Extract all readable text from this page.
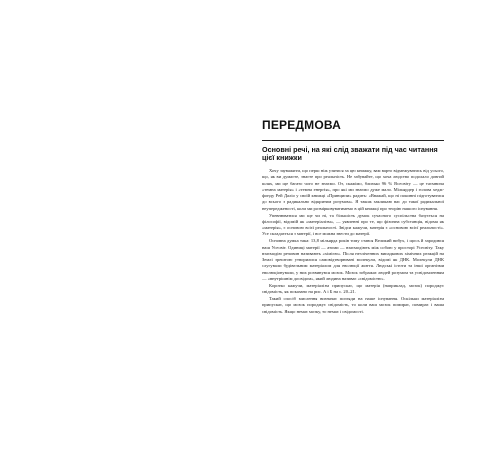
ПЕРЕДМОВА
Основні речі, на які слід зважати під час читання цієї книжки

Хочу зауважити, що перш ніж узятися за цю книжку, вам варто відмежуватись від усього, що, як ви думаєте, знаєте про реальність. Не забувайте, що хоча людство подолало довгий шлях, ми ще багато чого не знаємо. От, скажімо, близько 96 % Всесвіту — це таємнича «темна матерія» і «темна енергія», про які ми знаємо дуже мало. Мільярдер і голова хедж-фонду Рей Даліо у своїй книжці «Принципи» радить: «Вважай, що ні покинні підготуватися до всього з радикально відкритим розумом». Я також закликаю вас до такої радикальної неупередженості, коли ми розмірковуватимемо в цій книжці про теорію нашого існування.

Упевнюватися ми ще чи ні, та більшість думок сучасного суспільства базується на філософії, відомій як «матеріалізм», — уявленні про те, що фізична субстанція, відома як «матерія», є основою всієї реальності. Звідси кажучи, матерія є «основою всієї реальності». Усе складається з матерії, і все можна звести до матерії.

Основна думка така: 13,8 мільярда років тому стався Великий вибух, і щось й зародився наш Усесвіт. Одиниці матерії — атоми — взаємодіють між собою у просторі Усесвіту. Таку взаємодію речовин називають «хімією». Після незліченних випадкових хімічних реакцій на Землі зрештою утворилися самовідтворювані молекули, відомі як ДНК. Молекули ДНК слугували будівельним матеріалом для еволюції життя. Людські істоти та інші організми еволюціонували, у них розвинувся мозок. Мозок зображає людей розумом та усвідомленням — «внутрішнім досвідом», який людина називає «свідомістю».

Коротко кажучи, матеріалізм припускає, що матерія (наприклад, мозок) породжує свідомість, як показано на рис. А і Б на с. 20–21.

Такий спосіб мислення визначає погляди на наше існування. Оскільки матеріалізм припускає, що мозок породжує свідомість, то коли ваш мозок помирає, помирає і ваша свідомість. Якщо немає мозку, то немає і свідомості.
